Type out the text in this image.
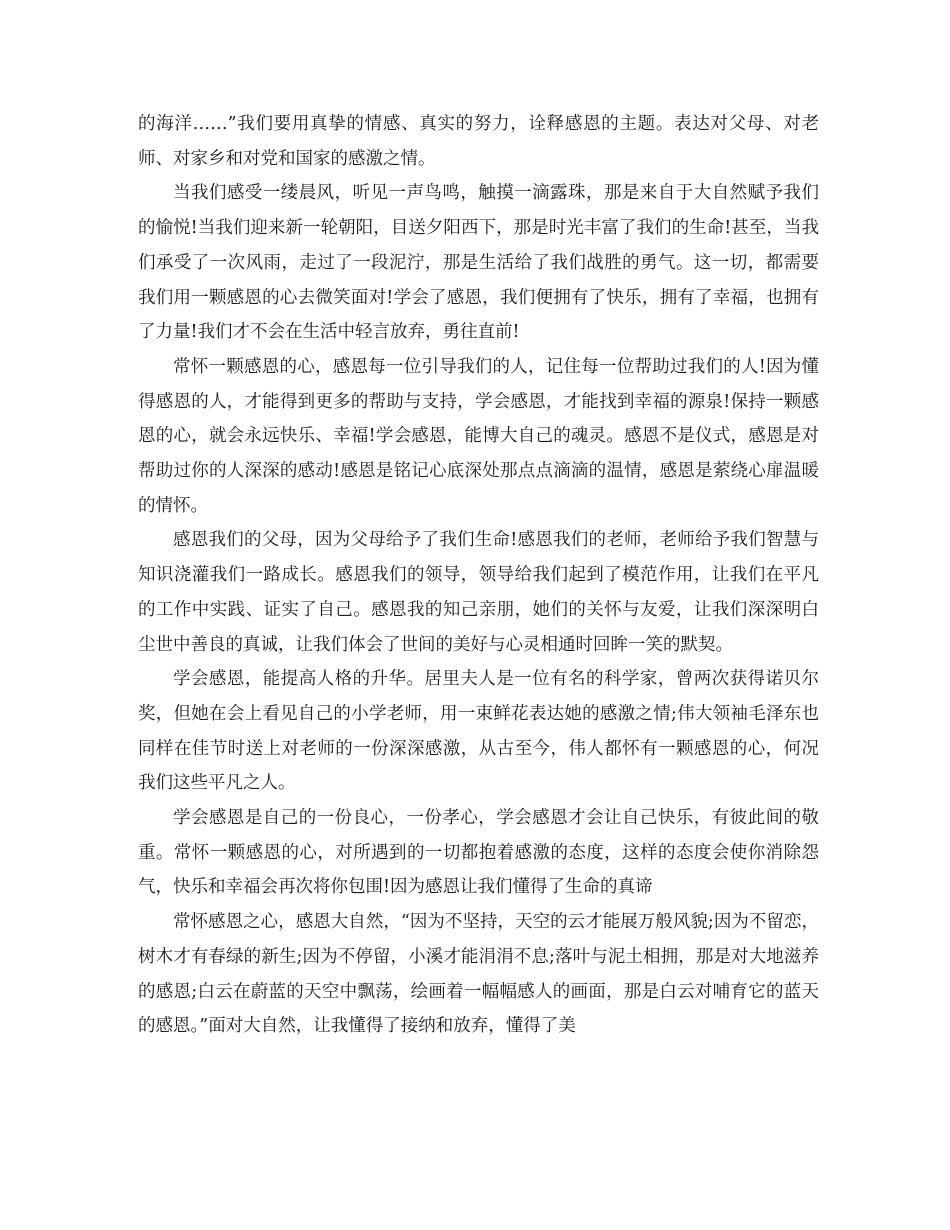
的海洋……”我们要用真挚的情感、真实的努力，诠释感恩的主题。表达对父母、对老师、对家乡和对党和国家的感激之情。

当我们感受一缕晨风，听见一声鸟鸣，触摸一滴露珠，那是来自于大自然赋予我们的愉悦!当我们迎来新一轮朝阳，目送夕阳西下，那是时光丰富了我们的生命!甚至，当我们承受了一次风雨，走过了一段泥泞，那是生活给了我们战胜的勇气。这一切，都需要我们用一颗感恩的心去微笑面对!学会了感恩，我们便拥有了快乐，拥有了幸福，也拥有了力量!我们才不会在生活中轻言放弃，勇往直前!

常怀一颗感恩的心，感恩每一位引导我们的人，记住每一位帮助过我们的人!因为懂得感恩的人，才能得到更多的帮助与支持，学会感恩，才能找到幸福的源泉!保持一颗感恩的心，就会永远快乐、幸福!学会感恩，能博大自己的魂灵。感恩不是仪式，感恩是对帮助过你的人深深的感动!感恩是铭记心底深处那点点滴滴的温情，感恩是萦绕心扉温暖的情怀。

感恩我们的父母，因为父母给予了我们生命!感恩我们的老师，老师给予我们智慧与知识浇灌我们一路成长。感恩我们的领导，领导给我们起到了模范作用，让我们在平凡的工作中实践、证实了自己。感恩我的知己亲朋，她们的关怀与友爱，让我们深深明白尘世中善良的真诚，让我们体会了世间的美好与心灵相通时回眸一笑的默契。

学会感恩，能提高人格的升华。居里夫人是一位有名的科学家，曾两次获得诺贝尔奖，但她在会上看见自己的小学老师，用一束鲜花表达她的感激之情;伟大领袖毛泽东也同样在佳节时送上对老师的一份深深感激，从古至今，伟人都怀有一颗感恩的心，何况我们这些平凡之人。

学会感恩是自己的一份良心，一份孝心，学会感恩才会让自己快乐，有彼此间的敬重。常怀一颗感恩的心，对所遇到的一切都抱着感激的态度，这样的态度会使你消除怨气，快乐和幸福会再次将你包围!因为感恩让我们懂得了生命的真谛

常怀感恩之心，感恩大自然，“因为不坚持，天空的云才能展万般风貌;因为不留恋，树木才有春绿的新生;因为不停留，小溪才能涓涓不息;落叶与泥土相拥，那是对大地滋养的感恩;白云在蔚蓝的天空中飘荡，绘画着一幅幅感人的画面，那是白云对哺育它的蓝天的感恩。”面对大自然，让我懂得了接纳和放弃，懂得了美
